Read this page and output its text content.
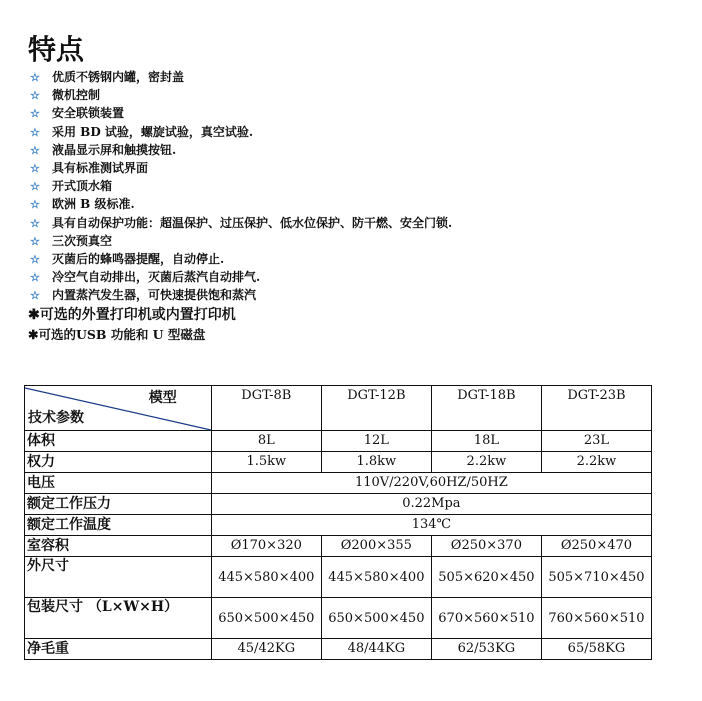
特点
☆ 优质不锈钢内罐，密封盖
☆ 微机控制
☆ 安全联锁装置
☆ 采用 BD 试验，螺旋试验，真空试验.
☆ 液晶显示屏和触摸按钮.
☆ 具有标准测试界面
☆ 开式顶水箱
☆ 欧洲 B 级标准.
☆ 具有自动保护功能：超温保护、过压保护、低水位保护、防干燃、安全门锁.
☆ 三次预真空
☆ 灭菌后的蜂鸣器提醒，自动停止.
☆ 冷空气自动排出，灭菌后蒸汽自动排气.
☆ 内置蒸汽发生器，可快速提供饱和蒸汽
✱可选的外置打印机或内置打印机
✱可选的USB 功能和 U 型磁盘
模型
技术参数	DGT-8B	DGT-12B	DGT-18B	DGT-23B
体积	8L	12L	18L	23L
权力	1.5kw	1.8kw	2.2kw	2.2kw
电压	110V/220V,60HZ/50HZ			
额定工作压力	0.22Mpa			
额定工作温度	134℃			
室容积	Ø170×320	Ø200×355	Ø250×370	Ø250×470
外尺寸	445×580×400	445×580×400	505×620×450	505×710×450
包装尺寸 （L×W×H）	650×500×450	650×500×450	670×560×510	760×560×510
净毛重	45/42KG	48/44KG	62/53KG	65/58KG
